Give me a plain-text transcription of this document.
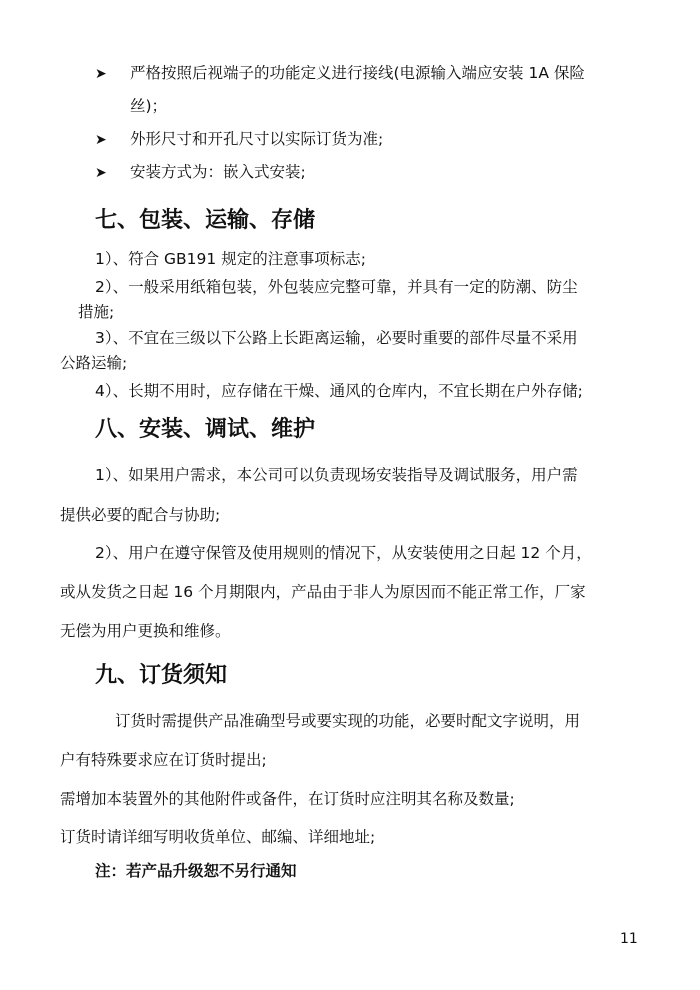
➤ 严格按照后视端子的功能定义进行接线(电源输入端应安装 1A 保险
丝)；
➤ 外形尺寸和开孔尺寸以实际订货为准;
➤ 安装方式为：嵌入式安装;
七、包装、运输、存储
1）、符合 GB191 规定的注意事项标志;
2）、一般采用纸箱包装，外包装应完整可靠，并具有一定的防潮、防尘
措施;
3）、不宜在三级以下公路上长距离运输，必要时重要的部件尽量不采用
公路运输;
4）、长期不用时，应存储在干燥、通风的仓库内，不宜长期在户外存储;
八、安装、调试、维护
1）、如果用户需求，本公司可以负责现场安装指导及调试服务，用户需
提供必要的配合与协助;
2）、用户在遵守保管及使用规则的情况下，从安装使用之日起 12 个月，
或从发货之日起 16 个月期限内，产品由于非人为原因而不能正常工作，厂家
无偿为用户更换和维修。
九、订货须知
订货时需提供产品准确型号或要实现的功能，必要时配文字说明，用
户有特殊要求应在订货时提出;
需增加本装置外的其他附件或备件，在订货时应注明其名称及数量;
订货时请详细写明收货单位、邮编、详细地址;
注：若产品升级恕不另行通知
11
